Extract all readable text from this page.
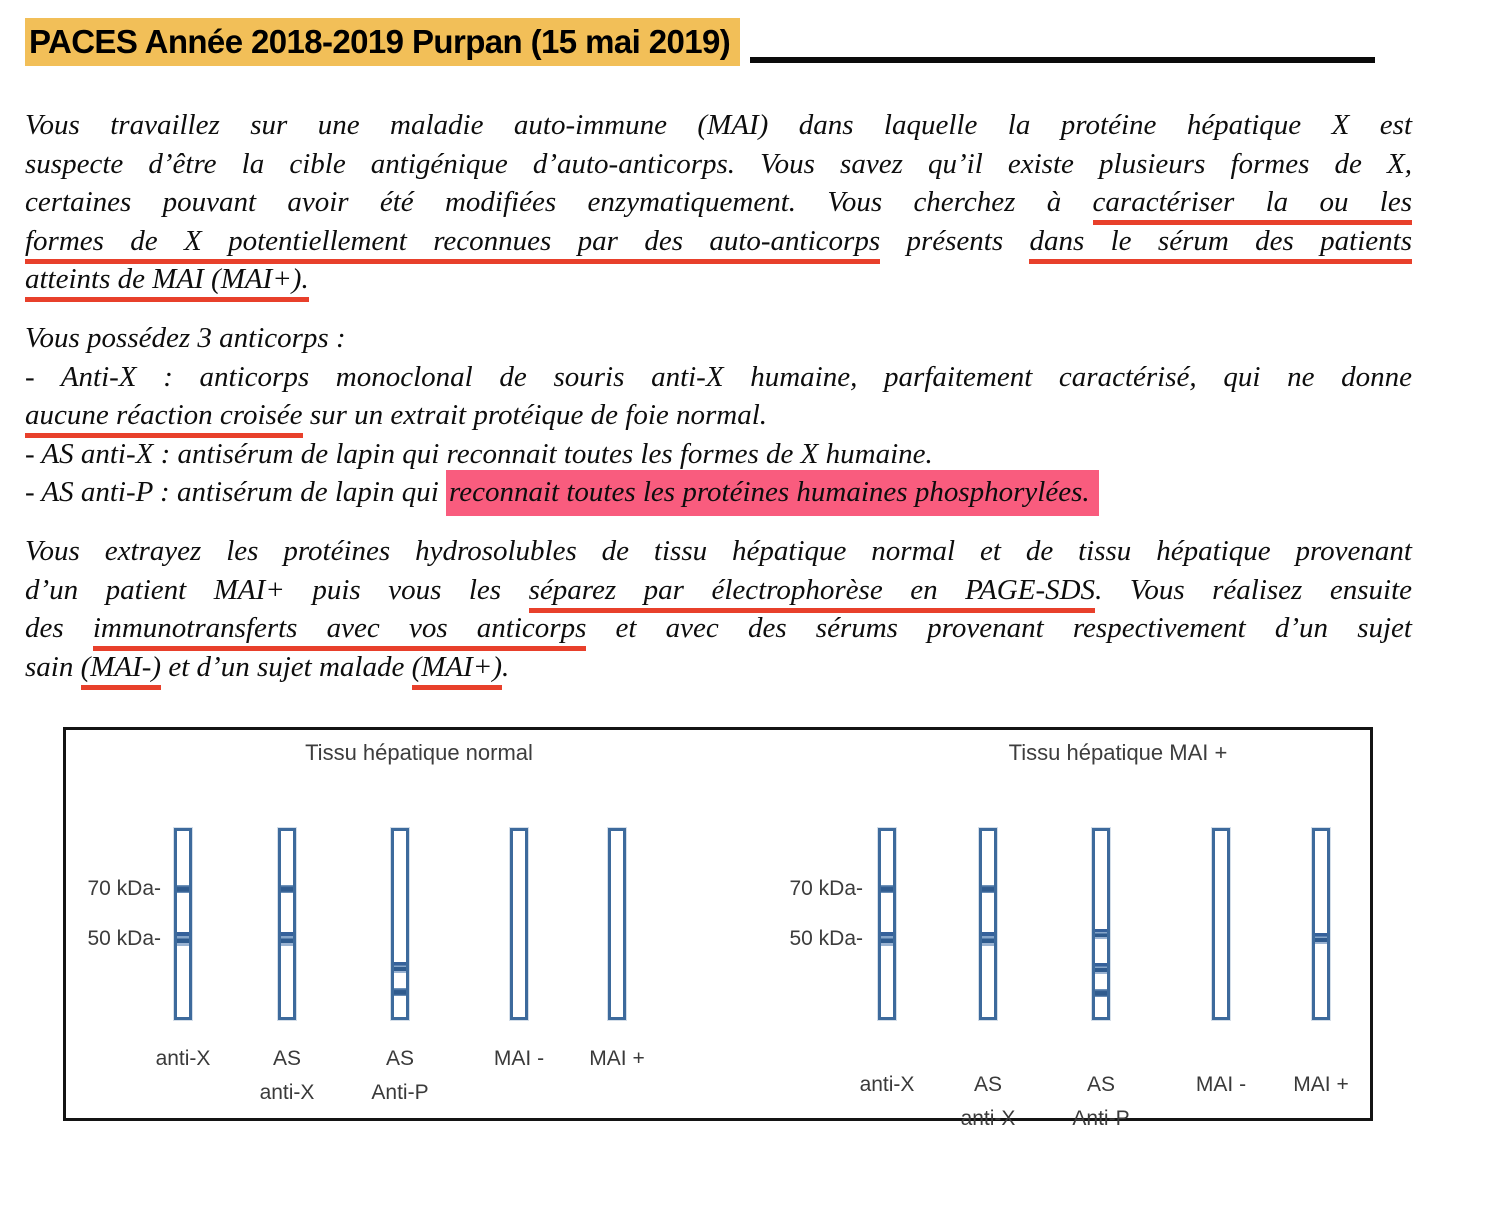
PACES Année 2018-2019 Purpan (15 mai 2019)
Vous travaillez sur une maladie auto-immune (MAI) dans laquelle la protéine hépatique X est
suspecte d’être la cible antigénique d’auto-anticorps. Vous savez qu’il existe plusieurs formes de X,
certaines pouvant avoir été modifiées enzymatiquement. Vous cherchez à caractériser la ou les
formes de X potentiellement reconnues par des auto-anticorps présents dans le sérum des patients
atteints de MAI (MAI+).
Vous possédez 3 anticorps :
- Anti-X : anticorps monoclonal de souris anti-X humaine, parfaitement caractérisé, qui ne donne
aucune réaction croisée sur un extrait protéique de foie normal.
- AS anti-X : antisérum de lapin qui reconnait toutes les formes de X humaine.
- AS anti-P : antisérum de lapin qui reconnait toutes les protéines humaines phosphorylées.
Vous extrayez les protéines hydrosolubles de tissu hépatique normal et de tissu hépatique provenant
d’un patient MAI+ puis vous les séparez par électrophorèse en PAGE-SDS. Vous réalisez ensuite
des immunotransferts avec vos anticorps et avec des sérums provenant respectivement d’un sujet
sain (MAI-) et d’un sujet malade (MAI+).
Tissu hépatique normal
70 kDa-
50 kDa-
anti-X	AS
anti-X
AS
Anti-P
MAI -	MAI +
Tissu hépatique MAI +
70 kDa-
50 kDa-
anti-X	AS
anti-X
AS
Anti-P
MAI -	MAI +
